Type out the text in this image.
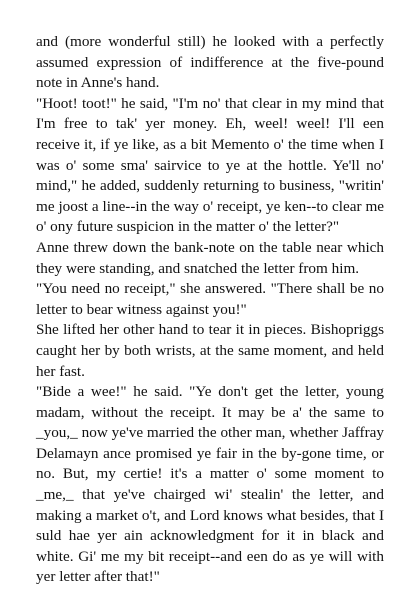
and (more wonderful still) he looked with a perfectly assumed expression of indifference at the five-pound note in Anne's hand.

"Hoot! toot!" he said, "I'm no' that clear in my mind that I'm free to tak' yer money. Eh, weel! weel! I'll een receive it, if ye like, as a bit Memento o' the time when I was o' some sma' sairvice to ye at the hottle. Ye'll no' mind," he added, suddenly returning to business, "writin' me joost a line--in the way o' receipt, ye ken--to clear me o' ony future suspicion in the matter o' the letter?"

Anne threw down the bank-note on the table near which they were standing, and snatched the letter from him.

"You need no receipt," she answered. "There shall be no letter to bear witness against you!"

She lifted her other hand to tear it in pieces. Bishopriggs caught her by both wrists, at the same moment, and held her fast.

"Bide a wee!" he said. "Ye don't get the letter, young madam, without the receipt. It may be a' the same to _you,_ now ye've married the other man, whether Jaffray Delamayn ance promised ye fair in the by-gone time, or no. But, my certie! it's a matter o' some moment to _me,_ that ye've chairged wi' stealin' the letter, and making a market o't, and Lord knows what besides, that I suld hae yer ain acknowledgment for it in black and white. Gi' me my bit receipt--and een do as ye will with yer letter after that!"
